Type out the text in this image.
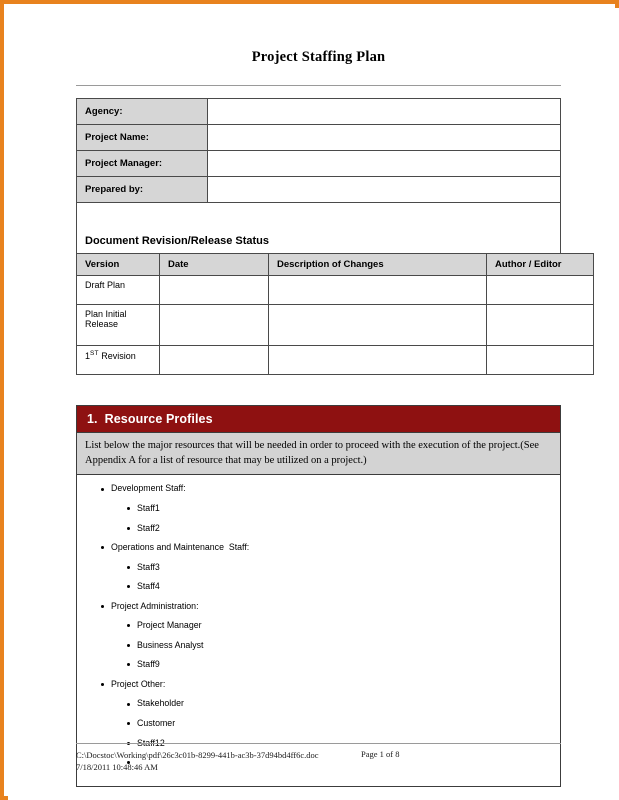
Project Staffing Plan
Agency:	
Project Name:	
Project Manager:	
Prepared by:	
Document Revision/Release Status	
Version	Date	Description of Changes	Author / Editor
Draft Plan			
Plan Initial Release			
1ST Revision			
1. Resource Profiles
List below the major resources that will be needed in order to proceed with the execution of the project.(See Appendix A for a list of resource that may be utilized on a project.)
Development Staff:
Staff1
Staff2
Operations and Maintenance  Staff:
Staff3
Staff4
Project Administration:
Project Manager
Business Analyst
Staff9
Project Other:
Stakeholder
Customer
C:\Docstoc\Working\pdf\26c3c01b-8299-441b-ac3b-37d94bd4ff6c.doc
7/18/2011 10:48:46 AM
Page 1 of 8
